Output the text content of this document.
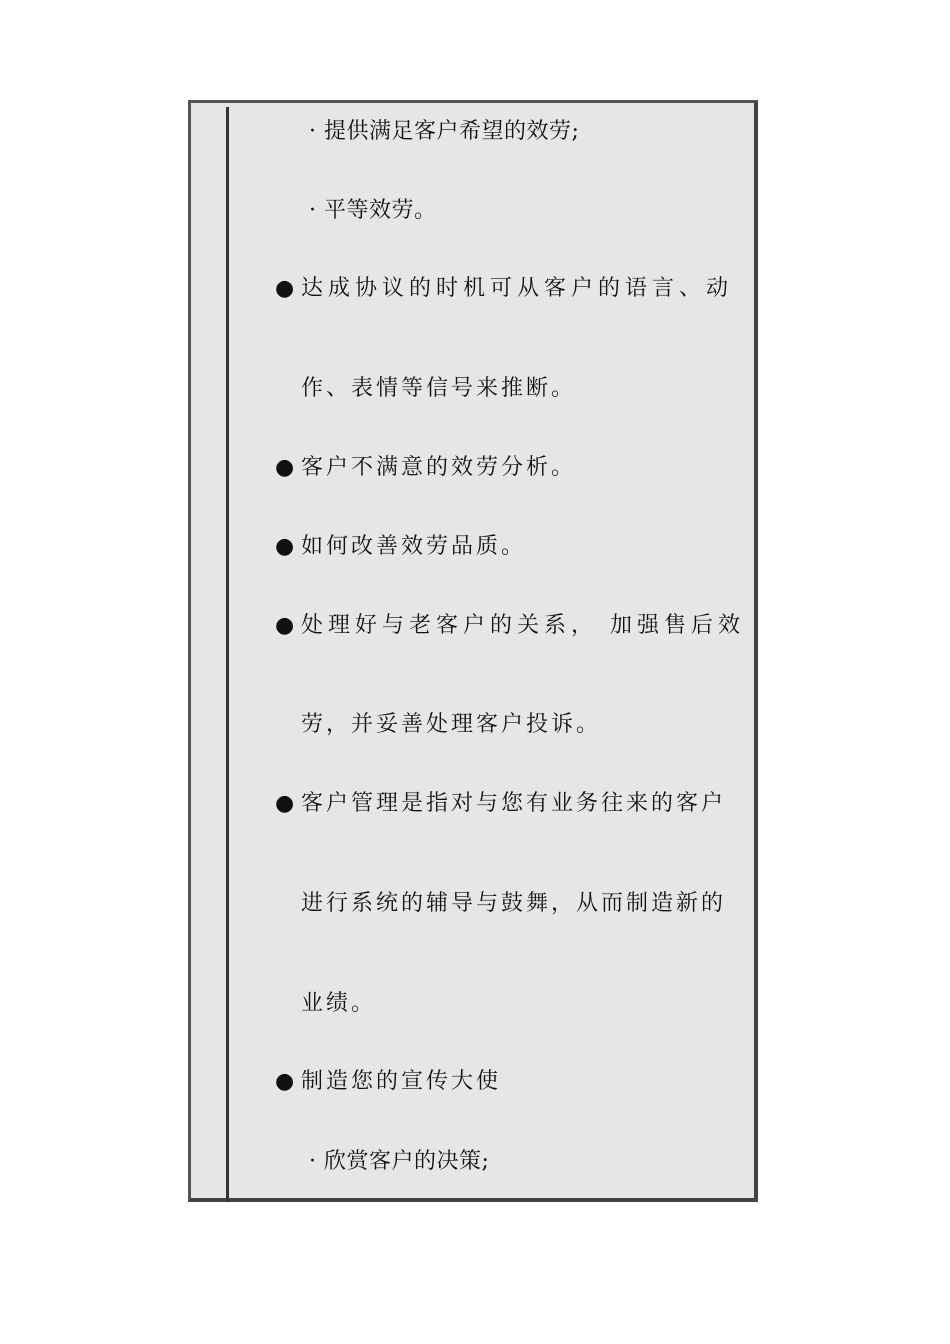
· 提供满足客户希望的效劳;
· 平等效劳。
● 达成协议的时机可从客户的语言、动
作、表情等信号来推断。
● 客户不满意的效劳分析。
● 如何改善效劳品质。
● 处理好与老客户的关系， 加强售后效
劳，并妥善处理客户投诉。
● 客户管理是指对与您有业务往来的客户
进行系统的辅导与鼓舞，从而制造新的
业绩。
● 制造您的宣传大使
· 欣赏客户的决策;
